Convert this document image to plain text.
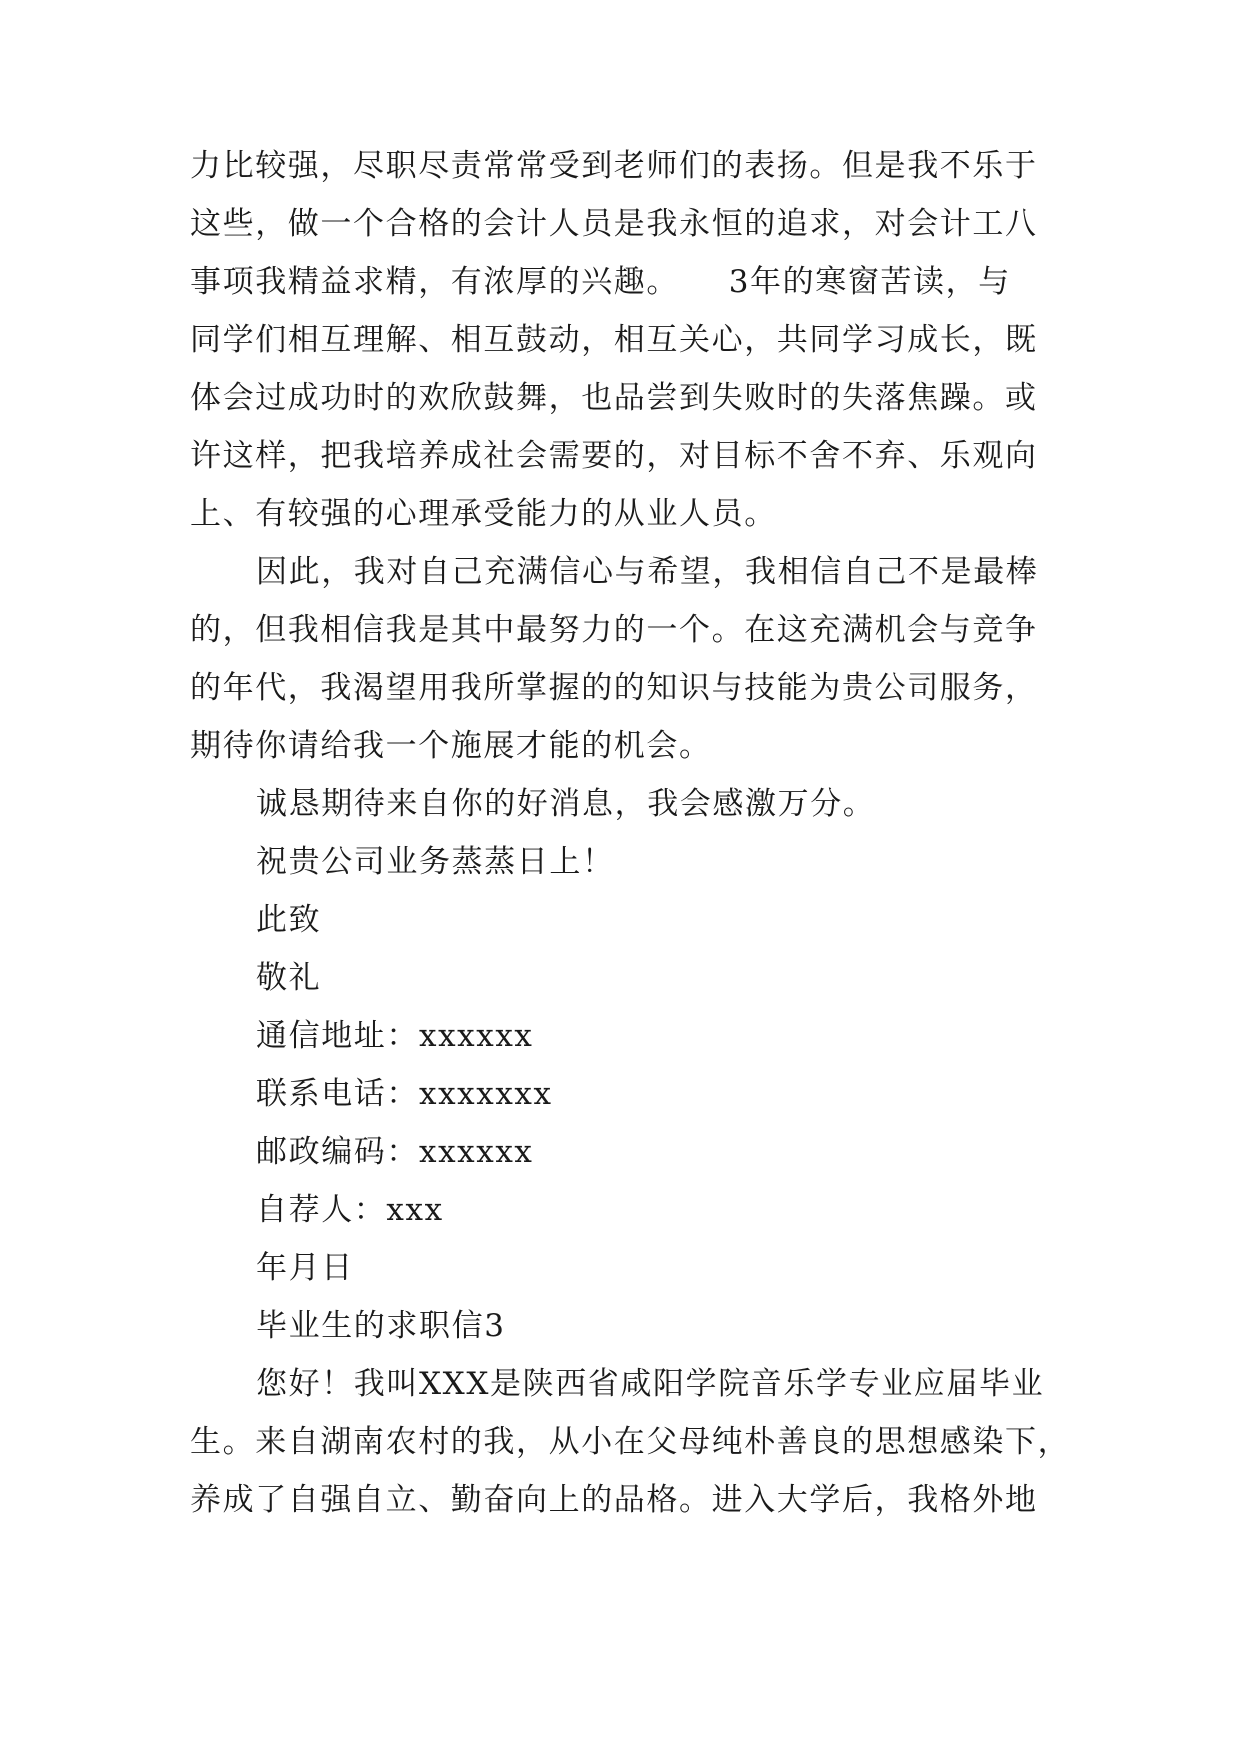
力比较强，尽职尽责常常受到老师们的表扬。但是我不乐于
这些，做一个合格的会计人员是我永恒的追求，对会计工八
事项我精益求精，有浓厚的兴趣。　　3年的寒窗苦读，与
同学们相互理解、相互鼓动，相互关心，共同学习成长，既
体会过成功时的欢欣鼓舞，也品尝到失败时的失落焦躁。或
许这样，把我培养成社会需要的，对目标不舍不弃、乐观向
上、有较强的心理承受能力的从业人员。
因此，我对自己充满信心与希望，我相信自己不是最棒
的，但我相信我是其中最努力的一个。在这充满机会与竞争
的年代，我渴望用我所掌握的的知识与技能为贵公司服务，
期待你请给我一个施展才能的机会。
诚恳期待来自你的好消息，我会感激万分。
祝贵公司业务蒸蒸日上！
此致
敬礼
通信地址：xxxxxx
联系电话：xxxxxxx
邮政编码：xxxxxx
自荐人：xxx
年月日
毕业生的求职信3
您好！我叫XXX是陕西省咸阳学院音乐学专业应届毕业
生。来自湖南农村的我，从小在父母纯朴善良的思想感染下，
养成了自强自立、勤奋向上的品格。进入大学后，我格外地
